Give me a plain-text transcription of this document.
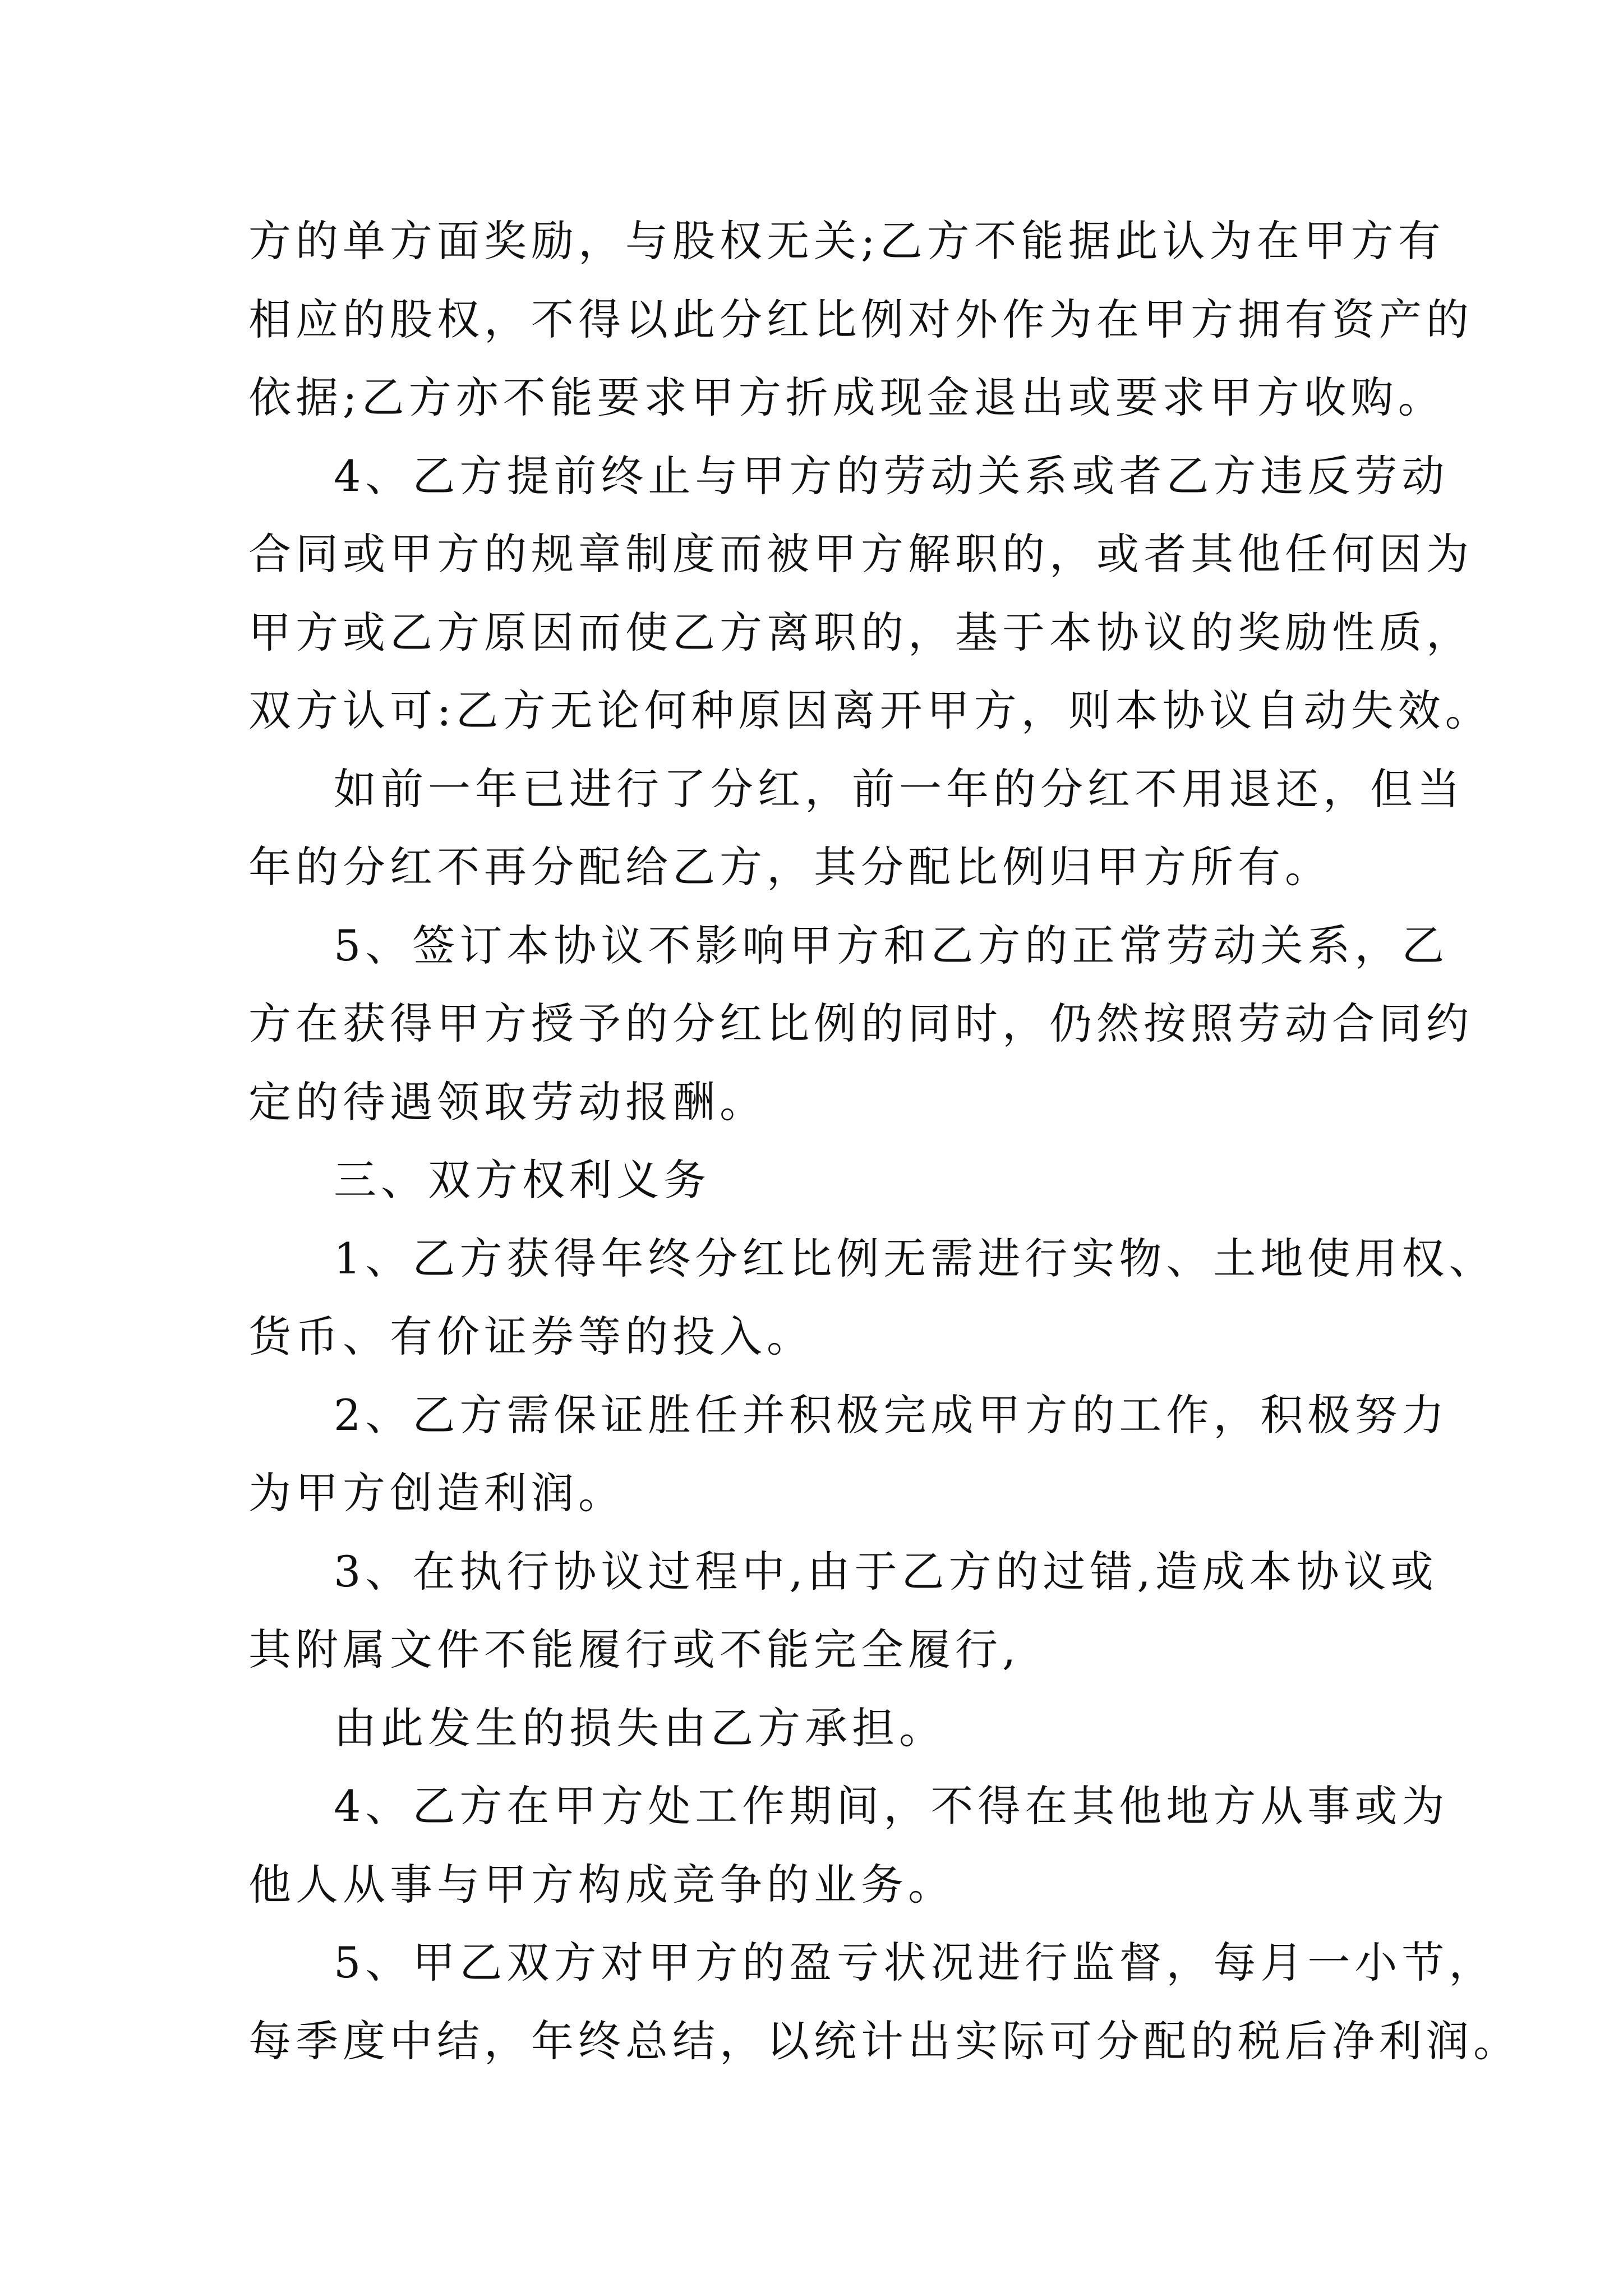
方的单方面奖励，与股权无关;乙方不能据此认为在甲方有
相应的股权，不得以此分红比例对外作为在甲方拥有资产的
依据;乙方亦不能要求甲方折成现金退出或要求甲方收购。
4、乙方提前终止与甲方的劳动关系或者乙方违反劳动
合同或甲方的规章制度而被甲方解职的，或者其他任何因为
甲方或乙方原因而使乙方离职的，基于本协议的奖励性质，
双方认可:乙方无论何种原因离开甲方，则本协议自动失效。
如前一年已进行了分红，前一年的分红不用退还，但当
年的分红不再分配给乙方，其分配比例归甲方所有。
5、签订本协议不影响甲方和乙方的正常劳动关系，乙
方在获得甲方授予的分红比例的同时，仍然按照劳动合同约
定的待遇领取劳动报酬。
三、双方权利义务
1、乙方获得年终分红比例无需进行实物、土地使用权、
货币、有价证券等的投入。
2、乙方需保证胜任并积极完成甲方的工作，积极努力
为甲方创造利润。
3、在执行协议过程中,由于乙方的过错,造成本协议或
其附属文件不能履行或不能完全履行,
由此发生的损失由乙方承担。
4、乙方在甲方处工作期间，不得在其他地方从事或为
他人从事与甲方构成竞争的业务。
5、甲乙双方对甲方的盈亏状况进行监督，每月一小节，
每季度中结，年终总结，以统计出实际可分配的税后净利润。
